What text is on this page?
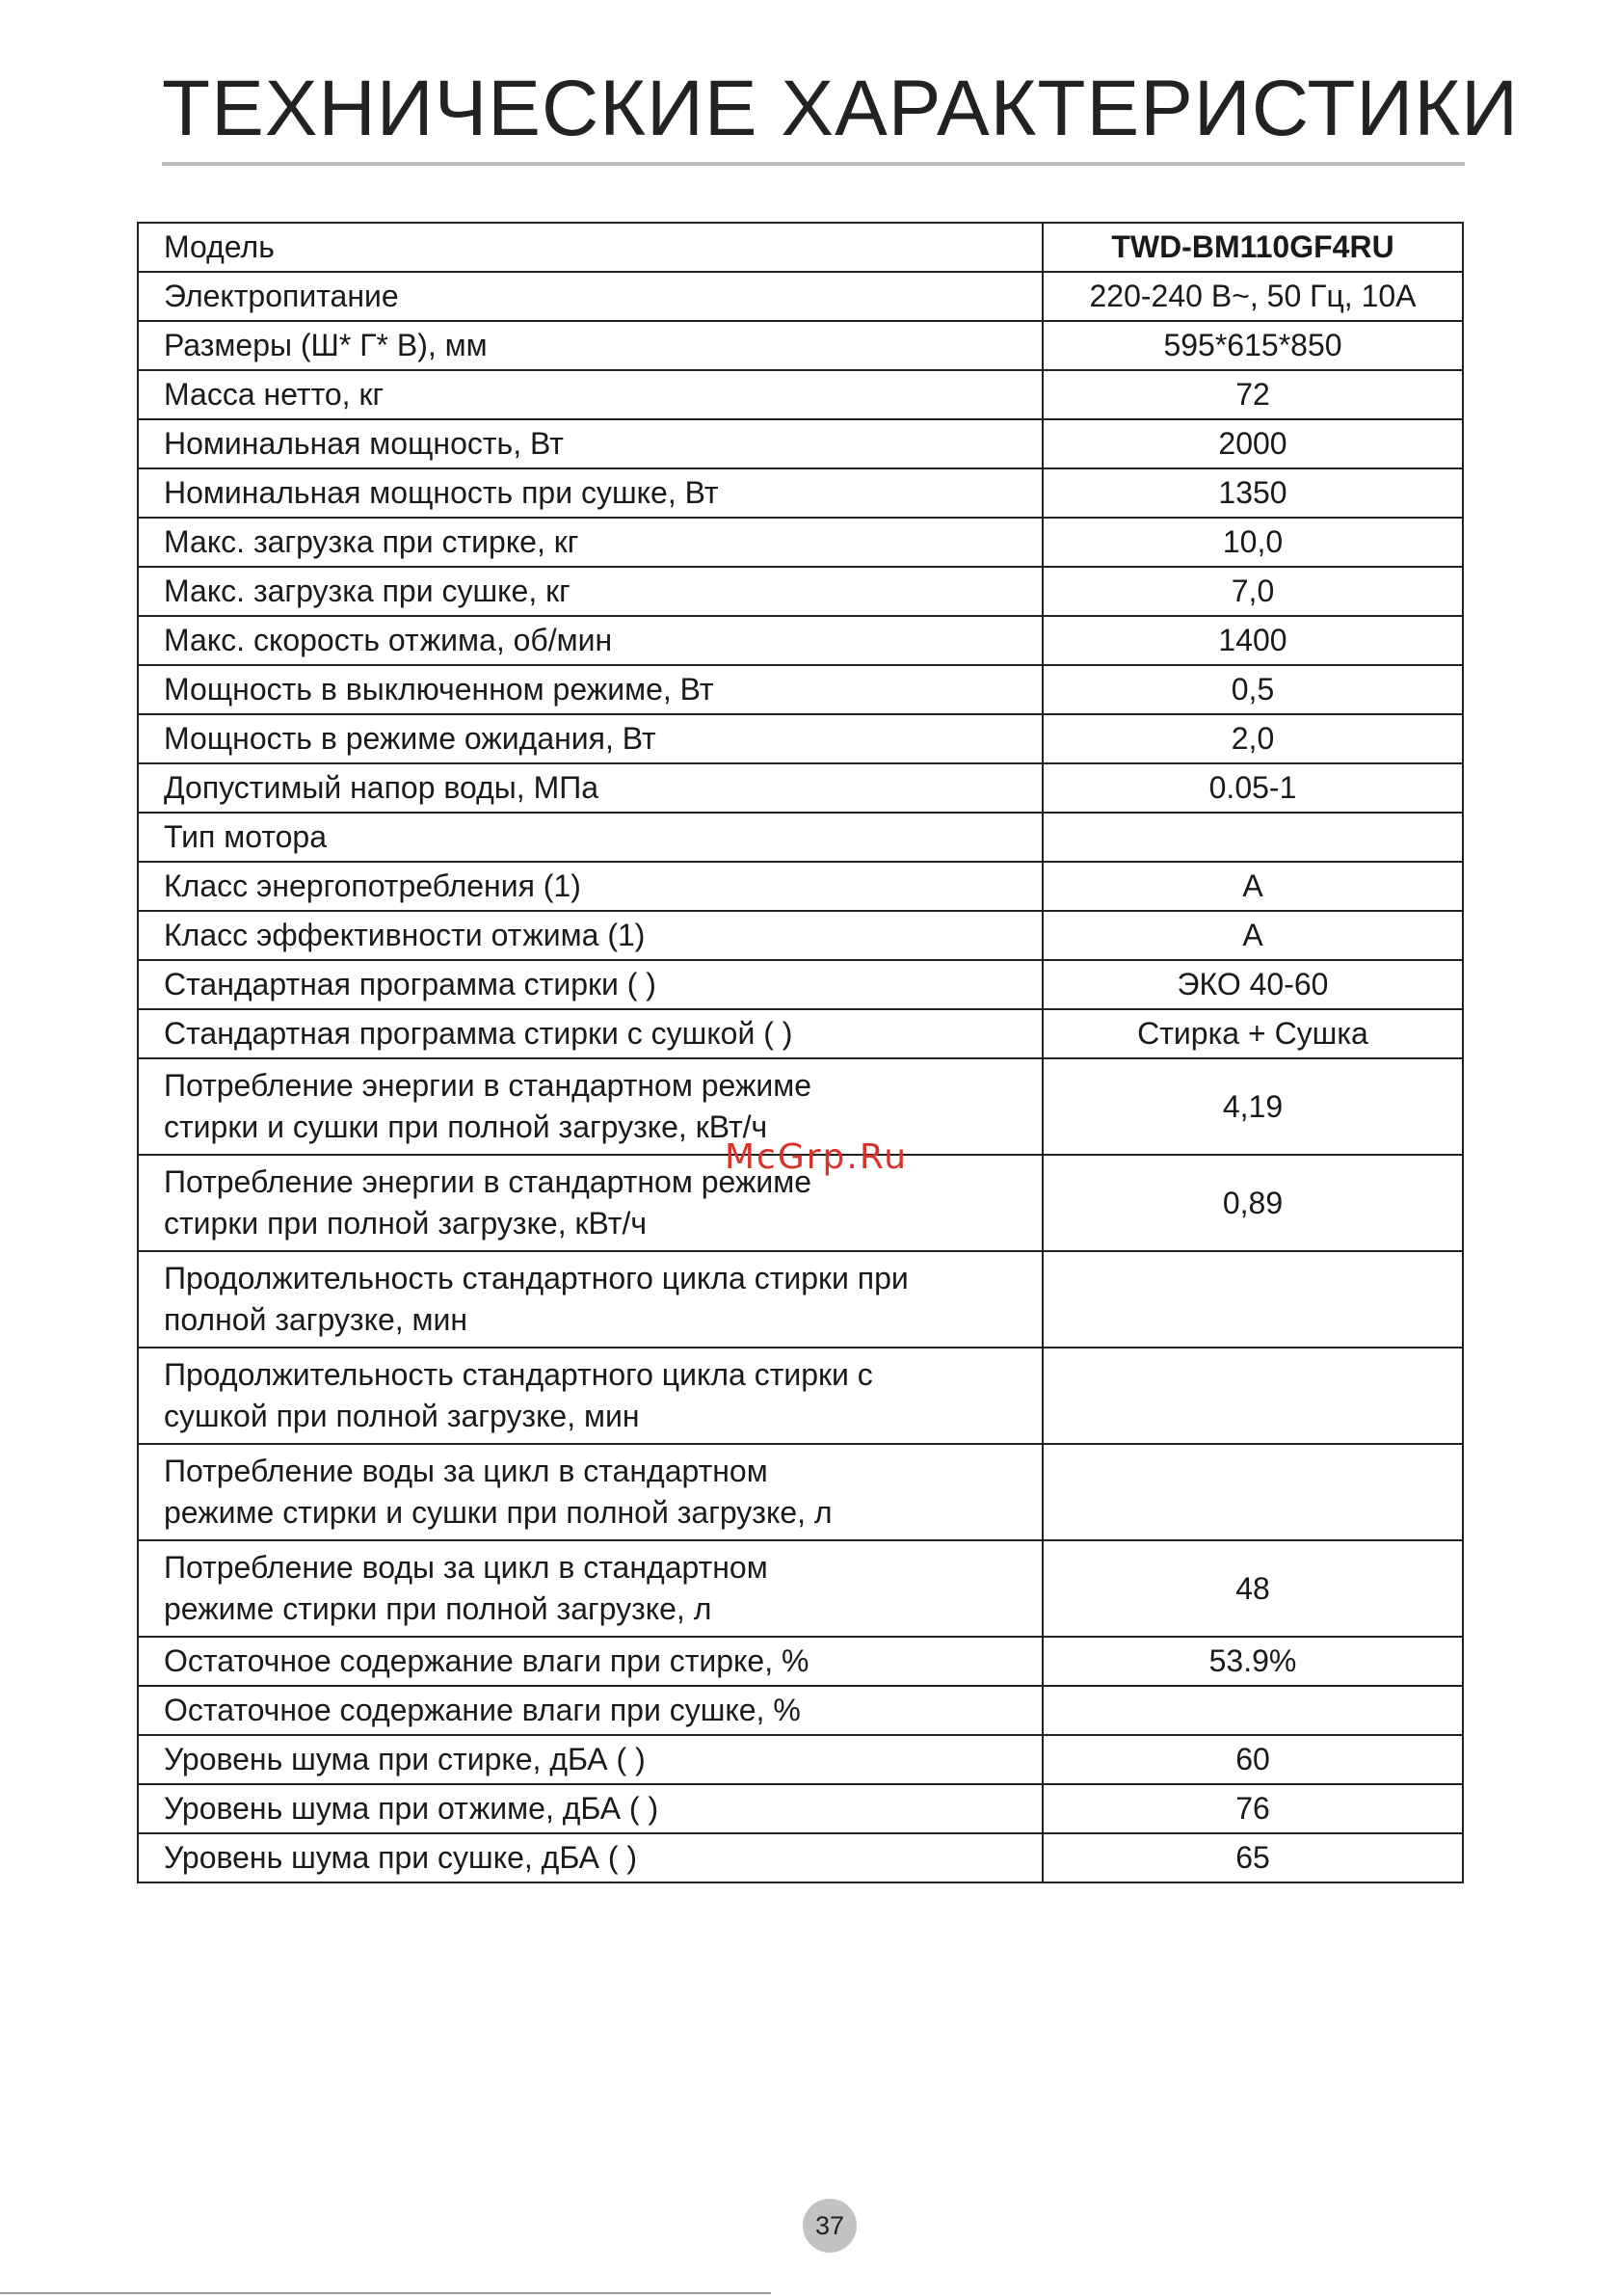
ТЕХНИЧЕСКИЕ ХАРАКТЕРИСТИКИ
Модель	TWD-BM110GF4RU
Электропитание	220-240 В~, 50 Гц, 10А
Размеры (Ш* Г* В), мм	595*615*850
Масса нетто, кг	72
Номинальная мощность, Вт	2000
Номинальная мощность при сушке, Вт	1350
Макс. загрузка при стирке, кг	10,0
Макс. загрузка при сушке, кг	7,0
Макс. скорость отжима, об/мин	1400
Мощность в выключенном режиме, Вт	0,5
Мощность в режиме ожидания, Вт	2,0
Допустимый напор воды, МПа	0.05-1
Тип мотора	
Класс энергопотребления (1)	A
Класс эффективности отжима (1)	A
Стандартная программа стирки ( )	ЭКО 40-60
Стандартная программа стирки с сушкой ( )	Стирка + Сушка

Потребление энергии в стандартном режиме
стирки и сушки при полной загрузке, кВт/ч	4,19

Потребление энергии в стандартном режиме
стирки при полной загрузке, кВт/ч	0,89

Продолжительность стандартного цикла стирки при
полной загрузке, мин	

Продолжительность стандартного цикла стирки с
сушкой при полной загрузке, мин	

Потребление воды за цикл в стандартном
режиме стирки и сушки при полной загрузке, л	

Потребление воды за цикл в стандартном
режиме стирки при полной загрузке, л	48
Остаточное содержание влаги при стирке, %	53.9%
Остаточное содержание влаги при сушке, %	
Уровень шума при стирке, дБА ( )	60
Уровень шума при отжиме, дБА ( )	76
Уровень шума при сушке, дБА ( )	65
McGrp.Ru
37
